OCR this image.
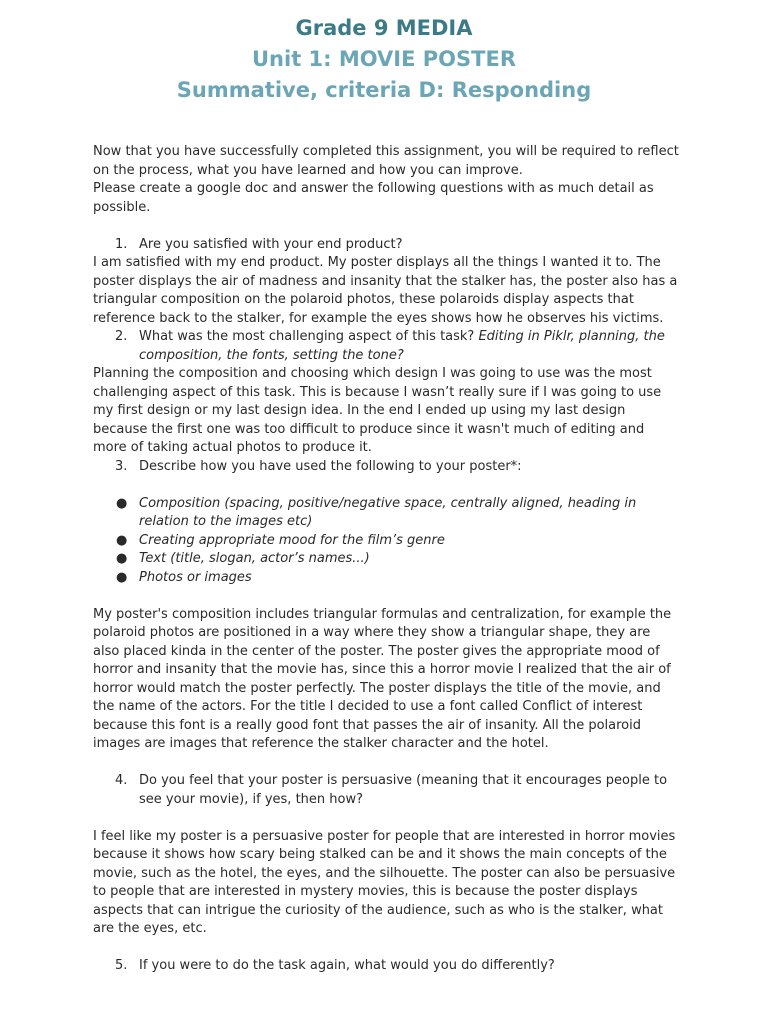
Grade 9 MEDIA
Unit 1: MOVIE POSTER
Summative, criteria D: Responding

Now that you have successfully completed this assignment, you will be required to reflect on the process, what you have learned and how you can improve.

Please create a google doc and answer the following questions with as much detail as possible.

1. Are you satisfied with your end product?

I am satisfied with my end product. My poster displays all the things I wanted it to. The poster displays the air of madness and insanity that the stalker has, the poster also has a triangular composition on the polaroid photos, these polaroids display aspects that reference back to the stalker, for example the eyes shows how he observes his victims.

2. What was the most challenging aspect of this task? Editing in Piklr, planning, the composition, the fonts, setting the tone?

Planning the composition and choosing which design I was going to use was the most challenging aspect of this task. This is because I wasn’t really sure if I was going to use my first design or my last design idea. In the end I ended up using my last design because the first one was too difficult to produce since it wasn't much of editing and more of taking actual photos to produce it.

3. Describe how you have used the following to your poster*:

● Composition (spacing, positive/negative space, centrally aligned, heading in relation to the images etc)

● Creating appropriate mood for the film’s genre

● Text (title, slogan, actor’s names...)

● Photos or images

My poster's composition includes triangular formulas and centralization, for example the polaroid photos are positioned in a way where they show a triangular shape, they are also placed kinda in the center of the poster. The poster gives the appropriate mood of horror and insanity that the movie has, since this a horror movie I realized that the air of horror would match the poster perfectly. The poster displays the title of the movie, and the name of the actors. For the title I decided to use a font called Conflict of interest because this font is a really good font that passes the air of insanity. All the polaroid images are images that reference the stalker character and the hotel.

4. Do you feel that your poster is persuasive (meaning that it encourages people to see your movie), if yes, then how?

I feel like my poster is a persuasive poster for people that are interested in horror movies because it shows how scary being stalked can be and it shows the main concepts of the movie, such as the hotel, the eyes, and the silhouette. The poster can also be persuasive to people that are interested in mystery movies, this is because the poster displays aspects that can intrigue the curiosity of the audience, such as who is the stalker, what are the eyes, etc.

5. If you were to do the task again, what would you do differently?
